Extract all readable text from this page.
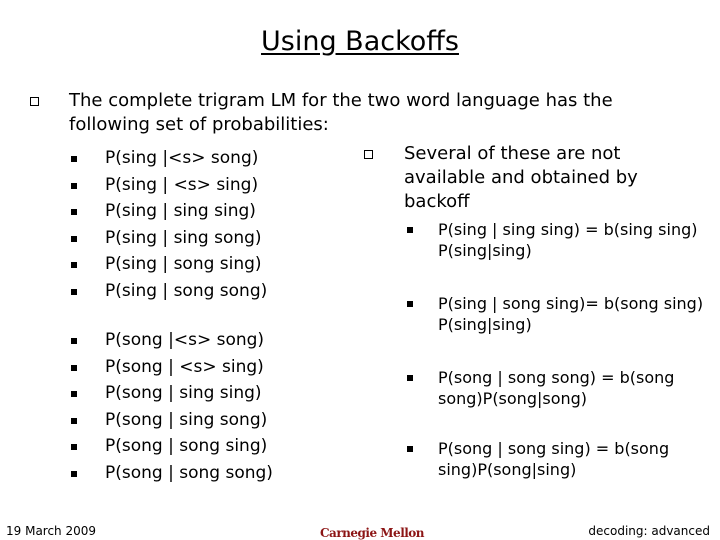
Using Backoffs
The complete trigram LM for the two word language has the following set of probabilities:
P(sing |<s> song)
P(sing | <s> sing)
P(sing | sing sing)
P(sing | sing song)
P(sing | song sing)
P(sing | song song)
P(song |<s> song)
P(song | <s> sing)
P(song | sing sing)
P(song | sing song)
P(song | song sing)
P(song | song song)
Several of these are not available and obtained by backoff
P(sing | sing sing) = b(sing sing) P(sing|sing)
P(sing | song sing)= b(song sing) P(sing|sing)
P(song | song song) = b(song song)P(song|song)
P(song | song sing) = b(song sing)P(song|sing)
19 March 2009	Carnegie Mellon	decoding: advanced
